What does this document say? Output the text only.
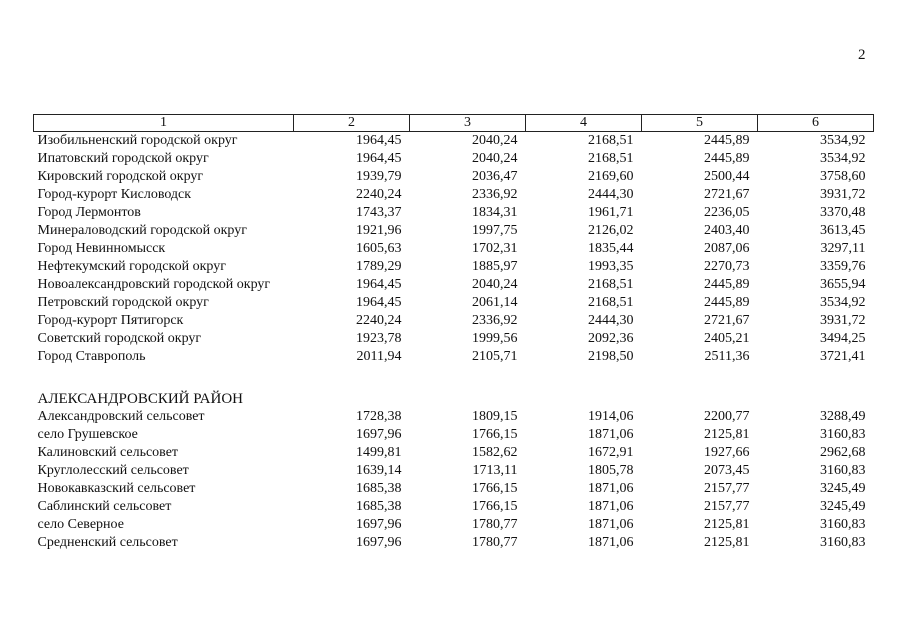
2
1	2	3	4	5	6
Изобильненский городской округ	1964,45	2040,24	2168,51	2445,89	3534,92
Ипатовский городской округ	1964,45	2040,24	2168,51	2445,89	3534,92
Кировский городской округ	1939,79	2036,47	2169,60	2500,44	3758,60
Город-курорт Кисловодск	2240,24	2336,92	2444,30	2721,67	3931,72
Город Лермонтов	1743,37	1834,31	1961,71	2236,05	3370,48
Минераловодский городской округ	1921,96	1997,75	2126,02	2403,40	3613,45
Город Невинномысск	1605,63	1702,31	1835,44	2087,06	3297,11
Нефтекумский городской округ	1789,29	1885,97	1993,35	2270,73	3359,76
Новоалександровский городской округ	1964,45	2040,24	2168,51	2445,89	3655,94
Петровский городской округ	1964,45	2061,14	2168,51	2445,89	3534,92
Город-курорт Пятигорск	2240,24	2336,92	2444,30	2721,67	3931,72
Советский городской округ	1923,78	1999,56	2092,36	2405,21	3494,25
Город Ставрополь	2011,94	2105,71	2198,50	2511,36	3721,41

АЛЕКСАНДРОВСКИЙ РАЙОН					
Александровский сельсовет	1728,38	1809,15	1914,06	2200,77	3288,49
село Грушевское	1697,96	1766,15	1871,06	2125,81	3160,83
Калиновский сельсовет	1499,81	1582,62	1672,91	1927,66	2962,68
Круглолесский сельсовет	1639,14	1713,11	1805,78	2073,45	3160,83
Новокавказский сельсовет	1685,38	1766,15	1871,06	2157,77	3245,49
Саблинский сельсовет	1685,38	1766,15	1871,06	2157,77	3245,49
село Северное	1697,96	1780,77	1871,06	2125,81	3160,83
Средненский сельсовет	1697,96	1780,77	1871,06	2125,81	3160,83
